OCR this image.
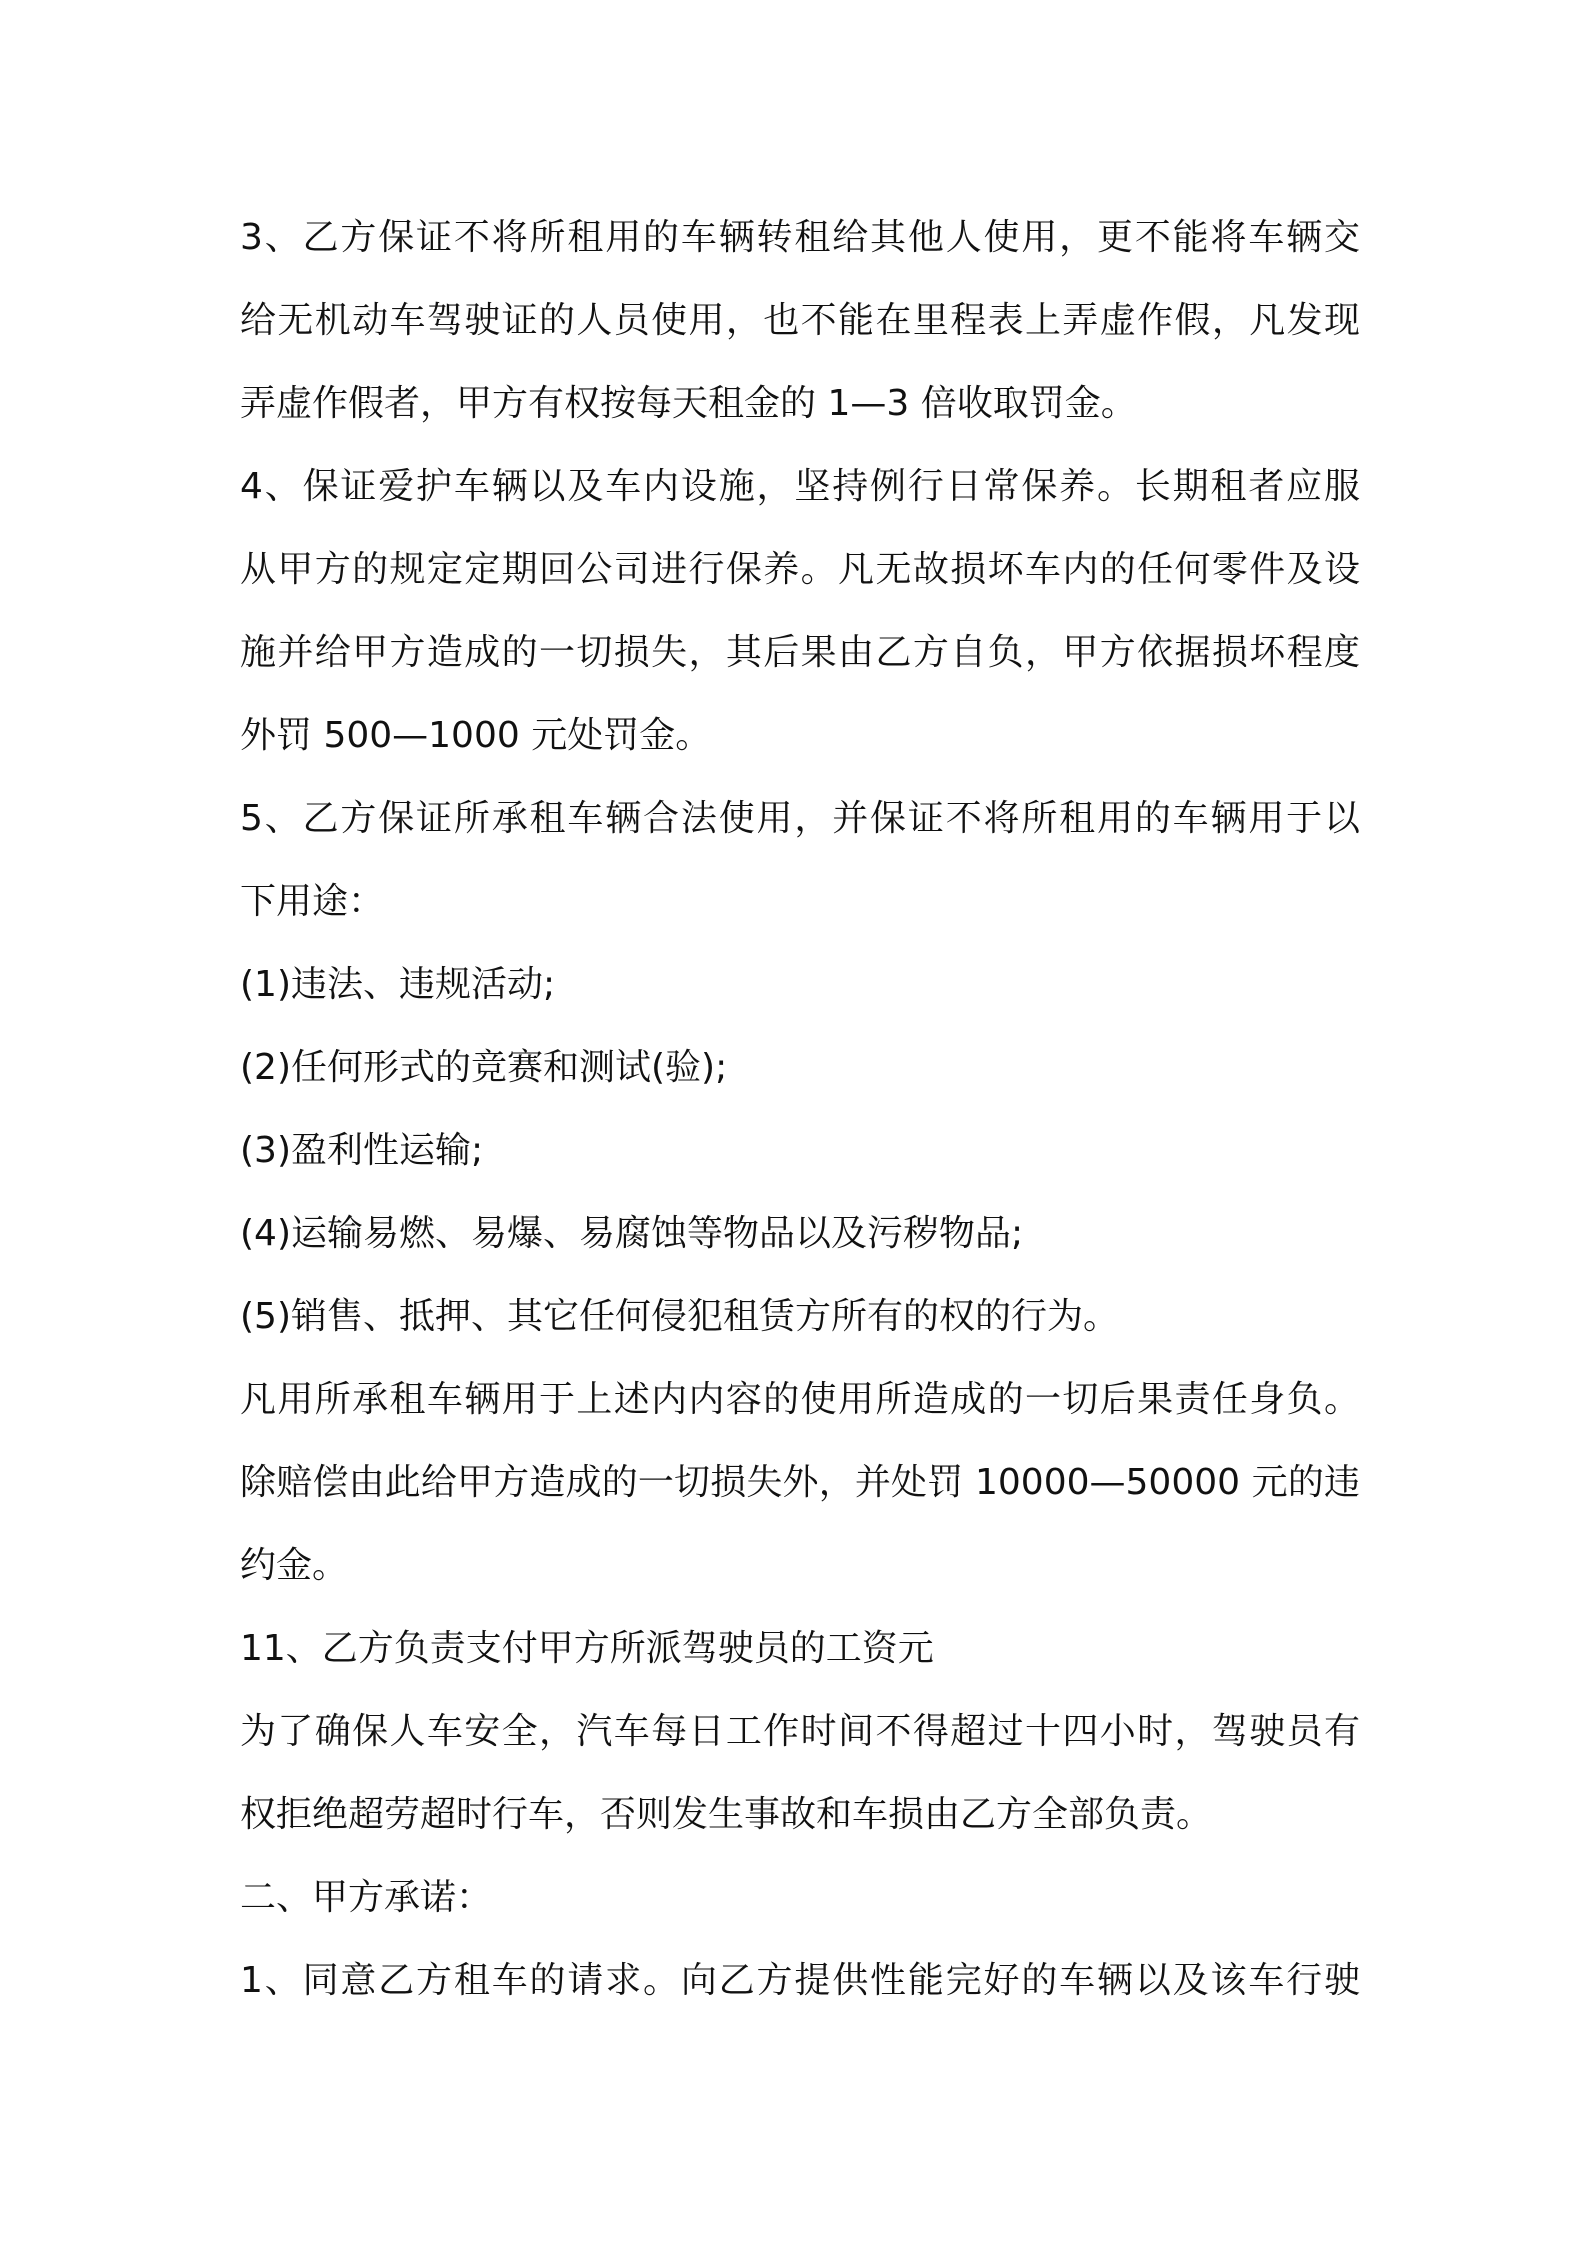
3、乙方保证不将所租用的车辆转租给其他人使用，更不能将车辆交
给无机动车驾驶证的人员使用，也不能在里程表上弄虚作假，凡发现
弄虚作假者，甲方有权按每天租金的 1—3 倍收取罚金。
4、保证爱护车辆以及车内设施，坚持例行日常保养。长期租者应服
从甲方的规定定期回公司进行保养。凡无故损坏车内的任何零件及设
施并给甲方造成的一切损失，其后果由乙方自负，甲方依据损坏程度
外罚 500—1000 元处罚金。
5、乙方保证所承租车辆合法使用，并保证不将所租用的车辆用于以
下用途：
(1)违法、违规活动;
(2)任何形式的竞赛和测试(验);
(3)盈利性运输;
(4)运输易燃、易爆、易腐蚀等物品以及污秽物品;
(5)销售、抵押、其它任何侵犯租赁方所有的权的行为。
凡用所承租车辆用于上述内内容的使用所造成的一切后果责任身负。
除赔偿由此给甲方造成的一切损失外，并处罚 10000—50000 元的违
约金。
11、乙方负责支付甲方所派驾驶员的工资元
为了确保人车安全，汽车每日工作时间不得超过十四小时，驾驶员有
权拒绝超劳超时行车，否则发生事故和车损由乙方全部负责。
二、甲方承诺：
1、同意乙方租车的请求。向乙方提供性能完好的车辆以及该车行驶
